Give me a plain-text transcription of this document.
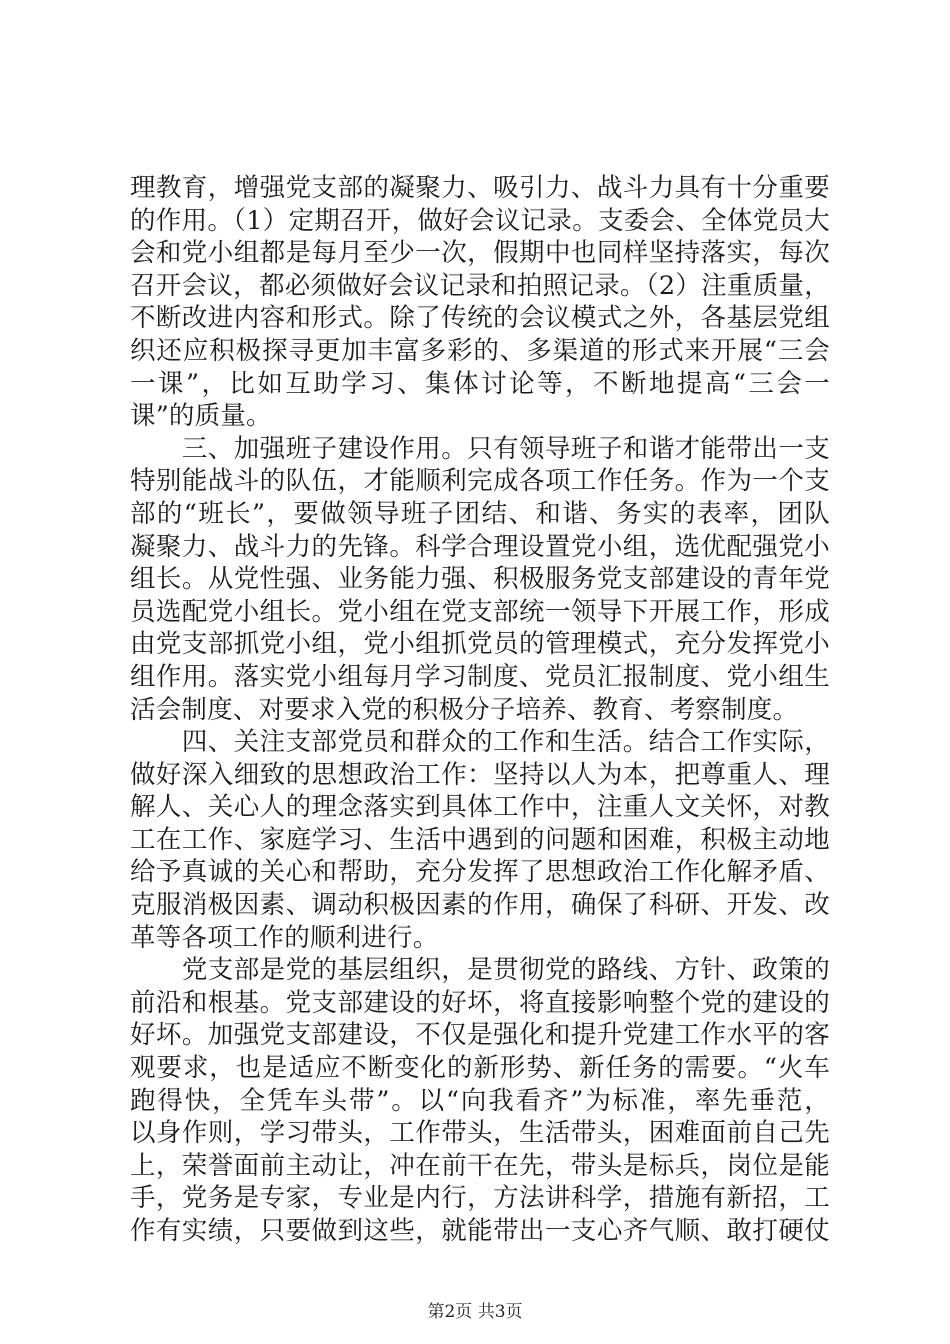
理教育，增强党支部的凝聚力、吸引力、战斗力具有十分重要
的作用。（1）定期召开，做好会议记录。支委会、全体党员大
会和党小组都是每月至少一次，假期中也同样坚持落实，每次
召开会议，都必须做好会议记录和拍照记录。（2）注重质量，
不断改进内容和形式。除了传统的会议模式之外，各基层党组
织还应积极探寻更加丰富多彩的、多渠道的形式来开展“三会
一课”，比如互助学习、集体讨论等，不断地提高“三会一
课”的质量。
　　三、加强班子建设作用。只有领导班子和谐才能带出一支
特别能战斗的队伍，才能顺利完成各项工作任务。作为一个支
部的“班长”，要做领导班子团结、和谐、务实的表率，团队
凝聚力、战斗力的先锋。科学合理设置党小组，选优配强党小
组长。从党性强、业务能力强、积极服务党支部建设的青年党
员选配党小组长。党小组在党支部统一领导下开展工作，形成
由党支部抓党小组，党小组抓党员的管理模式，充分发挥党小
组作用。落实党小组每月学习制度、党员汇报制度、党小组生
活会制度、对要求入党的积极分子培养、教育、考察制度。
　　四、关注支部党员和群众的工作和生活。结合工作实际，
做好深入细致的思想政治工作：坚持以人为本，把尊重人、理
解人、关心人的理念落实到具体工作中，注重人文关怀，对教
工在工作、家庭学习、生活中遇到的问题和困难，积极主动地
给予真诚的关心和帮助，充分发挥了思想政治工作化解矛盾、
克服消极因素、调动积极因素的作用，确保了科研、开发、改
革等各项工作的顺利进行。
　　党支部是党的基层组织，是贯彻党的路线、方针、政策的
前沿和根基。党支部建设的好坏，将直接影响整个党的建设的
好坏。加强党支部建设，不仅是强化和提升党建工作水平的客
观要求，也是适应不断变化的新形势、新任务的需要。“火车
跑得快，全凭车头带”。以“向我看齐”为标准，率先垂范，
以身作则，学习带头，工作带头，生活带头，困难面前自己先
上，荣誉面前主动让，冲在前干在先，带头是标兵，岗位是能
手，党务是专家，专业是内行，方法讲科学，措施有新招，工
作有实绩，只要做到这些，就能带出一支心齐气顺、敢打硬仗
第2页 共3页
